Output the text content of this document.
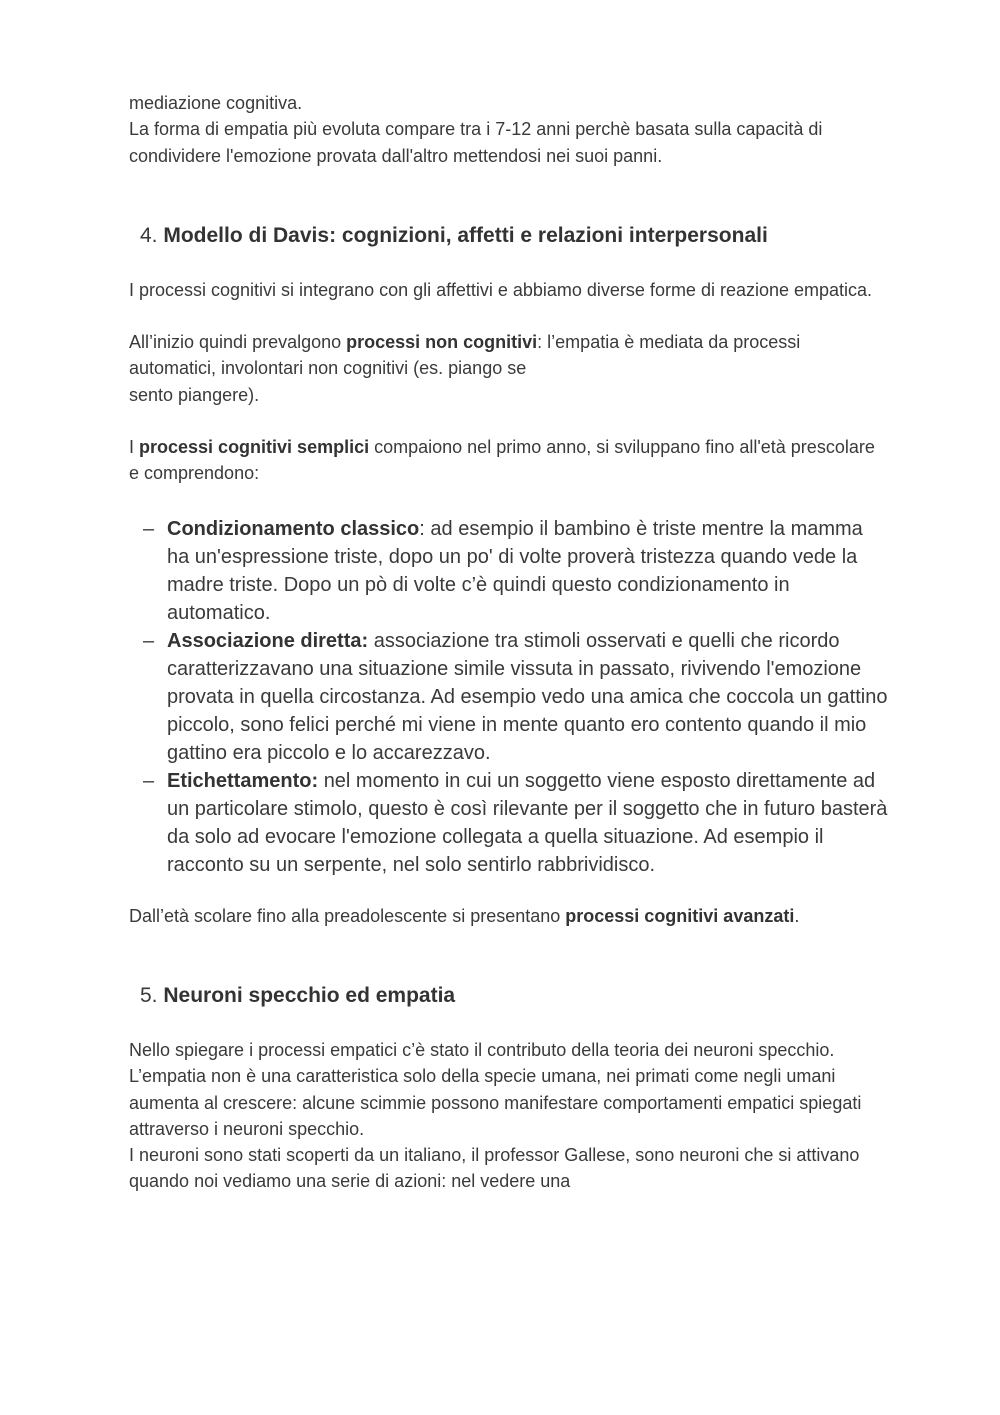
mediazione cognitiva.

La forma di empatia più evoluta compare tra i 7-12 anni perchè basata sulla capacità di condividere l'emozione provata dall'altro mettendosi nei suoi panni.

4. Modello di Davis: cognizioni, affetti e relazioni interpersonali

I processi cognitivi si integrano con gli affettivi e abbiamo diverse forme di reazione empatica.

All’inizio quindi prevalgono processi non cognitivi: l’empatia è mediata da processi automatici, involontari non cognitivi (es. piango se
sento piangere).

I processi cognitivi semplici compaiono nel primo anno, si sviluppano fino all'età prescolare e comprendono:

– Condizionamento classico: ad esempio il bambino è triste mentre la mamma ha un'espressione triste, dopo un po' di volte proverà tristezza quando vede la madre triste. Dopo un pò di volte c’è quindi questo condizionamento in automatico.
– Associazione diretta: associazione tra stimoli osservati e quelli che ricordo caratterizzavano una situazione simile vissuta in passato, rivivendo l'emozione provata in quella circostanza. Ad esempio vedo una amica che coccola un gattino piccolo, sono felici perché mi viene in mente quanto ero contento quando il mio gattino era piccolo e lo accarezzavo.
– Etichettamento: nel momento in cui un soggetto viene esposto direttamente ad un particolare stimolo, questo è così rilevante per il soggetto che in futuro basterà da solo ad evocare l'emozione collegata a quella situazione. Ad esempio il racconto su un serpente, nel solo sentirlo rabbrividisco.

Dall’età scolare fino alla preadolescente si presentano processi cognitivi avanzati.

5. Neuroni specchio ed empatia

Nello spiegare i processi empatici c’è stato il contributo della teoria dei neuroni specchio.

L’empatia non è una caratteristica solo della specie umana, nei primati come negli umani aumenta al crescere: alcune scimmie possono manifestare comportamenti empatici spiegati attraverso i neuroni specchio.

I neuroni sono stati scoperti da un italiano, il professor Gallese, sono neuroni che si attivano quando noi vediamo una serie di azioni: nel vedere una
